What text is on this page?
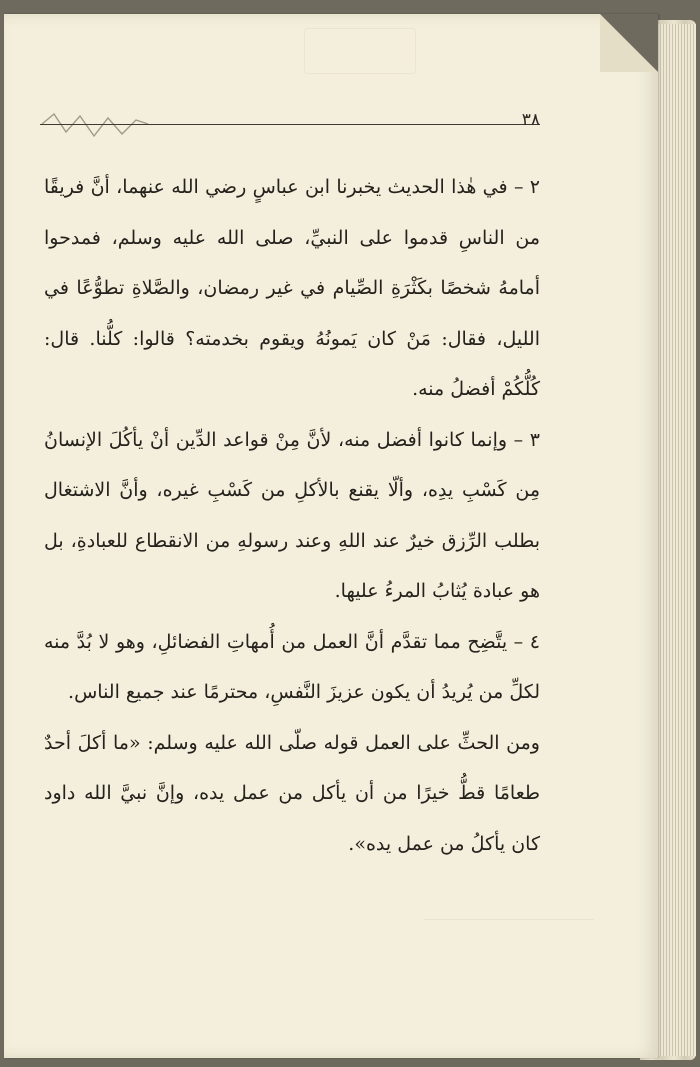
٣٨

٢ – في هٰذا الحديث يخبرنا ابن عباسٍ رضي الله عنهما، أنَّ فريقًا من الناسِ قدموا على النبيِّ، صلى الله عليه وسلم، فمدحوا أمامهُ شخصًا بكَثْرَةِ الصِّيام في غير رمضان، والصَّلاةِ تطوُّعًا في الليل، فقال: مَنْ كان يَمونُهُ ويقوم بخدمته؟ قالوا: كلُّنا. قال: كُلُّكُمْ أفضلُ منه.

٣ – وإنما كانوا أفضل منه، لأنَّ مِنْ قواعد الدِّين أنْ يأكُلَ الإنسانُ مِن كَسْبِ يدِه، وألّا يقنع بالأكلِ من كَسْبِ غيره، وأنَّ الاشتغال بطلب الرِّزق خيرٌ عند اللهِ وعند رسولهِ من الانقطاع للعبادةِ، بل هو عبادة يُثابُ المرءُ عليها.

٤ – يتَّضِح مما تقدَّم أنَّ العمل من أُمهاتِ الفضائلِ، وهو لا بُدَّ منه لكلِّ من يُريدُ أن يكون عزيزَ النَّفسِ، محترمًا عند جميع الناس.

ومن الحثِّ على العمل قوله صلّى الله عليه وسلم: «ما أكلَ أحدٌ طعامًا قطُّ خيرًا من أن يأكل من عمل يده، وإنَّ نبيَّ الله داود كان يأكلُ من عمل يده».
